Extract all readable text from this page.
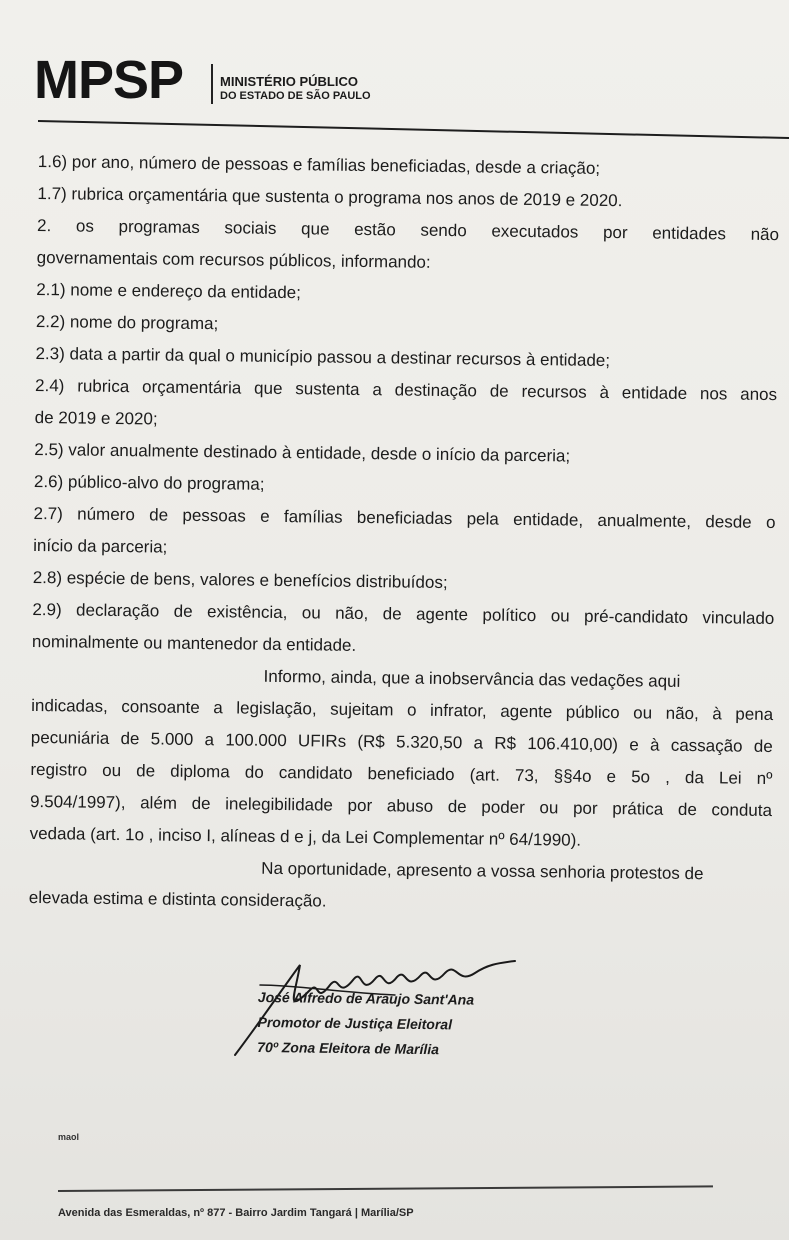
MPSP	MINISTÉRIO PÚBLICO
DO ESTADO DE SÃO PAULO

1.6) por ano, número de pessoas e famílias beneficiadas, desde a criação;

1.7) rubrica orçamentária que sustenta o programa nos anos de 2019 e 2020.

2. os programas sociais que estão sendo executados por entidades não

governamentais com recursos públicos, informando:

2.1) nome e endereço da entidade;

2.2) nome do programa;

2.3) data a partir da qual o município passou a destinar recursos à entidade;

2.4) rubrica orçamentária que sustenta a destinação de recursos à entidade nos anos

de 2019 e 2020;

2.5) valor anualmente destinado à entidade, desde o início da parceria;

2.6) público-alvo do programa;

2.7) número de pessoas e famílias beneficiadas pela entidade, anualmente, desde o

início da parceria;

2.8) espécie de bens, valores e benefícios distribuídos;

2.9) declaração de existência, ou não, de agente político ou pré-candidato vinculado

nominalmente ou mantenedor da entidade.

Informo, ainda, que a inobservância das vedações aqui

indicadas, consoante a legislação, sujeitam o infrator, agente público ou não, à pena

pecuniária de 5.000 a 100.000 UFIRs (R$ 5.320,50 a R$ 106.410,00) e à cassação de

registro ou de diploma do candidato beneficiado (art. 73, §§4o e 5o , da Lei nº

9.504/1997), além de inelegibilidade por abuso de poder ou por prática de conduta

vedada (art. 1o , inciso I, alíneas d e j, da Lei Complementar nº 64/1990).

Na oportunidade, apresento a vossa senhoria protestos de

elevada estima e distinta consideração.

José Alfredo de Araujo Sant'Ana

Promotor de Justiça Eleitoral

70º Zona Eleitora de Marília

maol
Avenida das Esmeraldas, nº 877 - Bairro Jardim Tangará | Marília/SP
